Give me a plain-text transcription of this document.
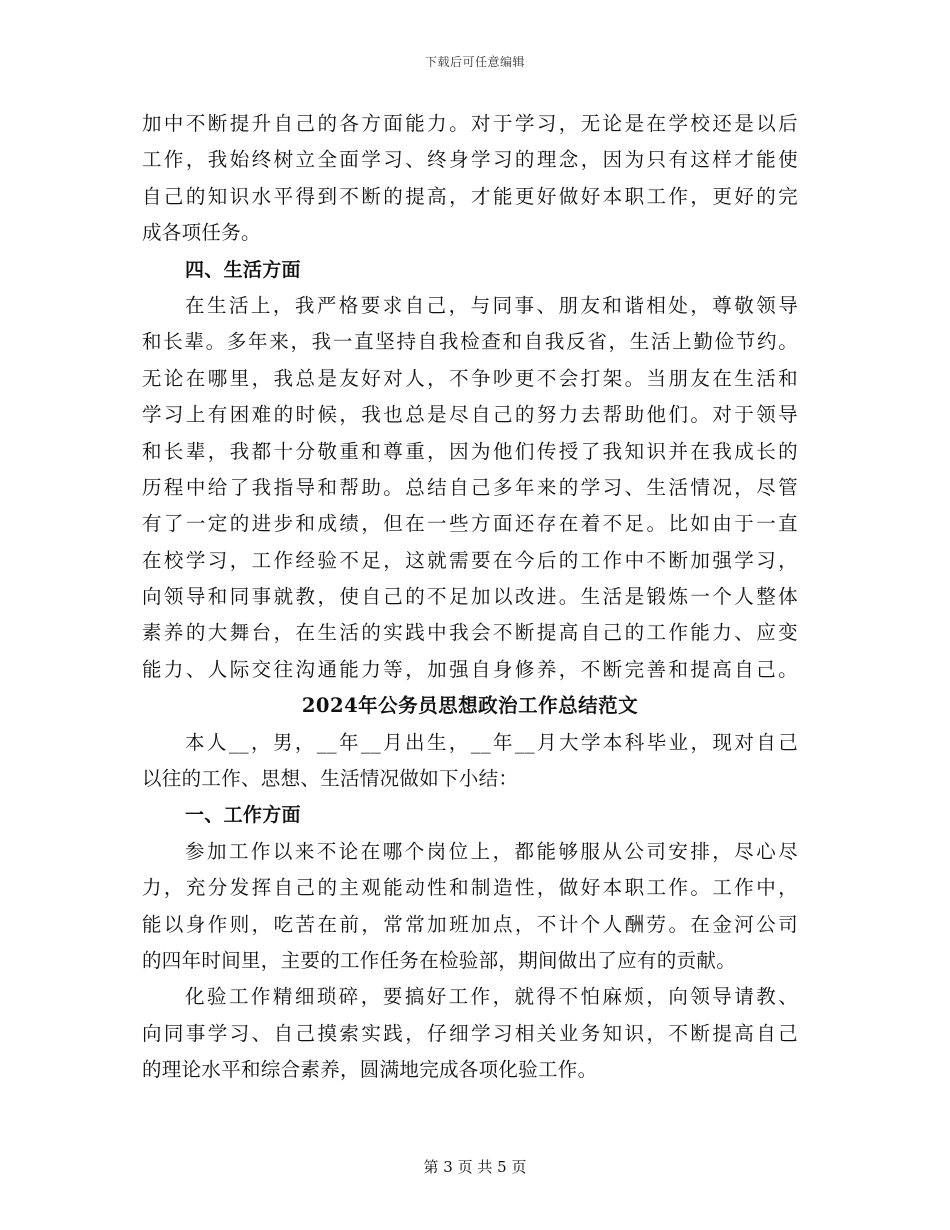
下载后可任意编辑
加中不断提升自己的各方面能力。对于学习，无论是在学校还是以后
工作，我始终树立全面学习、终身学习的理念，因为只有这样才能使
自己的知识水平得到不断的提高，才能更好做好本职工作，更好的完
成各项任务。
四、生活方面
在生活上，我严格要求自己，与同事、朋友和谐相处，尊敬领导
和长辈。多年来，我一直坚持自我检查和自我反省，生活上勤俭节约。
无论在哪里，我总是友好对人，不争吵更不会打架。当朋友在生活和
学习上有困难的时候，我也总是尽自己的努力去帮助他们。对于领导
和长辈，我都十分敬重和尊重，因为他们传授了我知识并在我成长的
历程中给了我指导和帮助。总结自己多年来的学习、生活情况，尽管
有了一定的进步和成绩，但在一些方面还存在着不足。比如由于一直
在校学习，工作经验不足，这就需要在今后的工作中不断加强学习，
向领导和同事就教，使自己的不足加以改进。生活是锻炼一个人整体
素养的大舞台，在生活的实践中我会不断提高自己的工作能力、应变
能力、人际交往沟通能力等，加强自身修养，不断完善和提高自己。
2024年公务员思想政治工作总结范文
本人__，男，__年__月出生，__年__月大学本科毕业，现对自己
以往的工作、思想、生活情况做如下小结：
一、工作方面
参加工作以来不论在哪个岗位上，都能够服从公司安排，尽心尽
力，充分发挥自己的主观能动性和制造性，做好本职工作。工作中，
能以身作则，吃苦在前，常常加班加点，不计个人酬劳。在金河公司
的四年时间里，主要的工作任务在检验部，期间做出了应有的贡献。
化验工作精细琐碎，要搞好工作，就得不怕麻烦，向领导请教、
向同事学习、自己摸索实践，仔细学习相关业务知识，不断提高自己
的理论水平和综合素养，圆满地完成各项化验工作。
第 3 页 共 5 页
